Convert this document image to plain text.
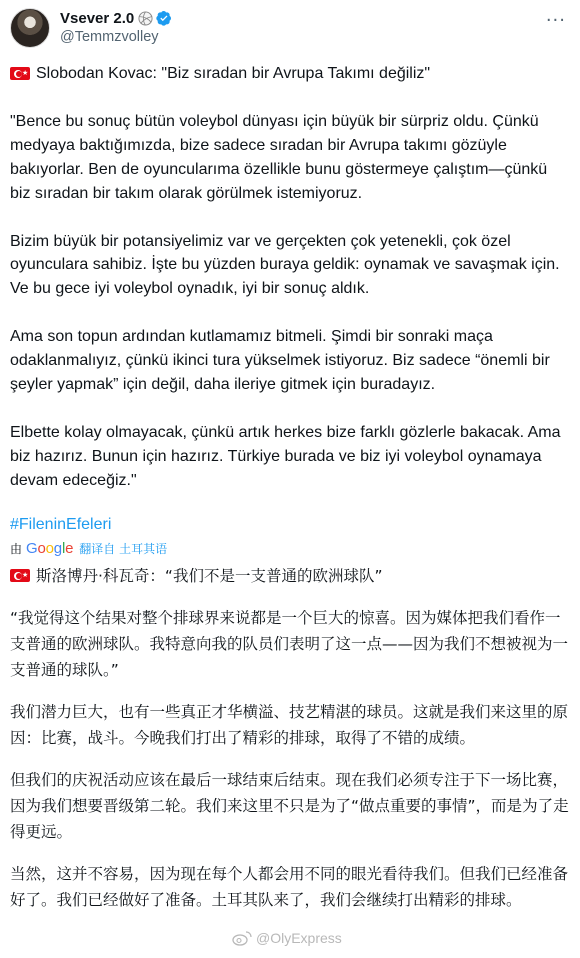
Vsever 2.0
@Temmzvolley
···
★ Slobodan Kovac: "Biz sıradan bir Avrupa Takımı değiliz"
"Bence bu sonuç bütün voleybol dünyası için büyük bir sürpriz oldu. Çünkü medyaya baktığımızda, bize sadece sıradan bir Avrupa takımı gözüyle bakıyorlar. Ben de oyuncularıma özellikle bunu göstermeye çalıştım—çünkü biz sıradan bir takım olarak görülmek istemiyoruz.
Bizim büyük bir potansiyelimiz var ve gerçekten çok yetenekli, çok özel oyunculara sahibiz. İşte bu yüzden buraya geldik: oynamak ve savaşmak için. Ve bu gece iyi voleybol oynadık, iyi bir sonuç aldık.
Ama son topun ardından kutlamamız bitmeli. Şimdi bir sonraki maça odaklanmalıyız, çünkü ikinci tura yükselmek istiyoruz. Biz sadece “önemli bir şeyler yapmak” için değil, daha ileriye gitmek için buradayız.
Elbette kolay olmayacak, çünkü artık herkes bize farklı gözlerle bakacak. Ama biz hazırız. Bunun için hazırız. Türkiye burada ve biz iyi voleybol oynamaya devam edeceğiz."
#FileninEfeleri
由 Google 翻译自 土耳其语
★ 斯洛博丹·科瓦奇：“我们不是一支普通的欧洲球队”
“我觉得这个结果对整个排球界来说都是一个巨大的惊喜。因为媒体把我们看作一支普通的欧洲球队。我特意向我的队员们表明了这一点——因为我们不想被视为一支普通的球队。”
我们潜力巨大，也有一些真正才华横溢、技艺精湛的球员。这就是我们来这里的原因：比赛，战斗。今晚我们打出了精彩的排球，取得了不错的成绩。
但我们的庆祝活动应该在最后一球结束后结束。现在我们必须专注于下一场比赛，因为我们想要晋级第二轮。我们来这里不只是为了“做点重要的事情”，而是为了走得更远。
当然，这并不容易，因为现在每个人都会用不同的眼光看待我们。但我们已经准备好了。我们已经做好了准备。土耳其队来了，我们会继续打出精彩的排球。
@OlyExpress
